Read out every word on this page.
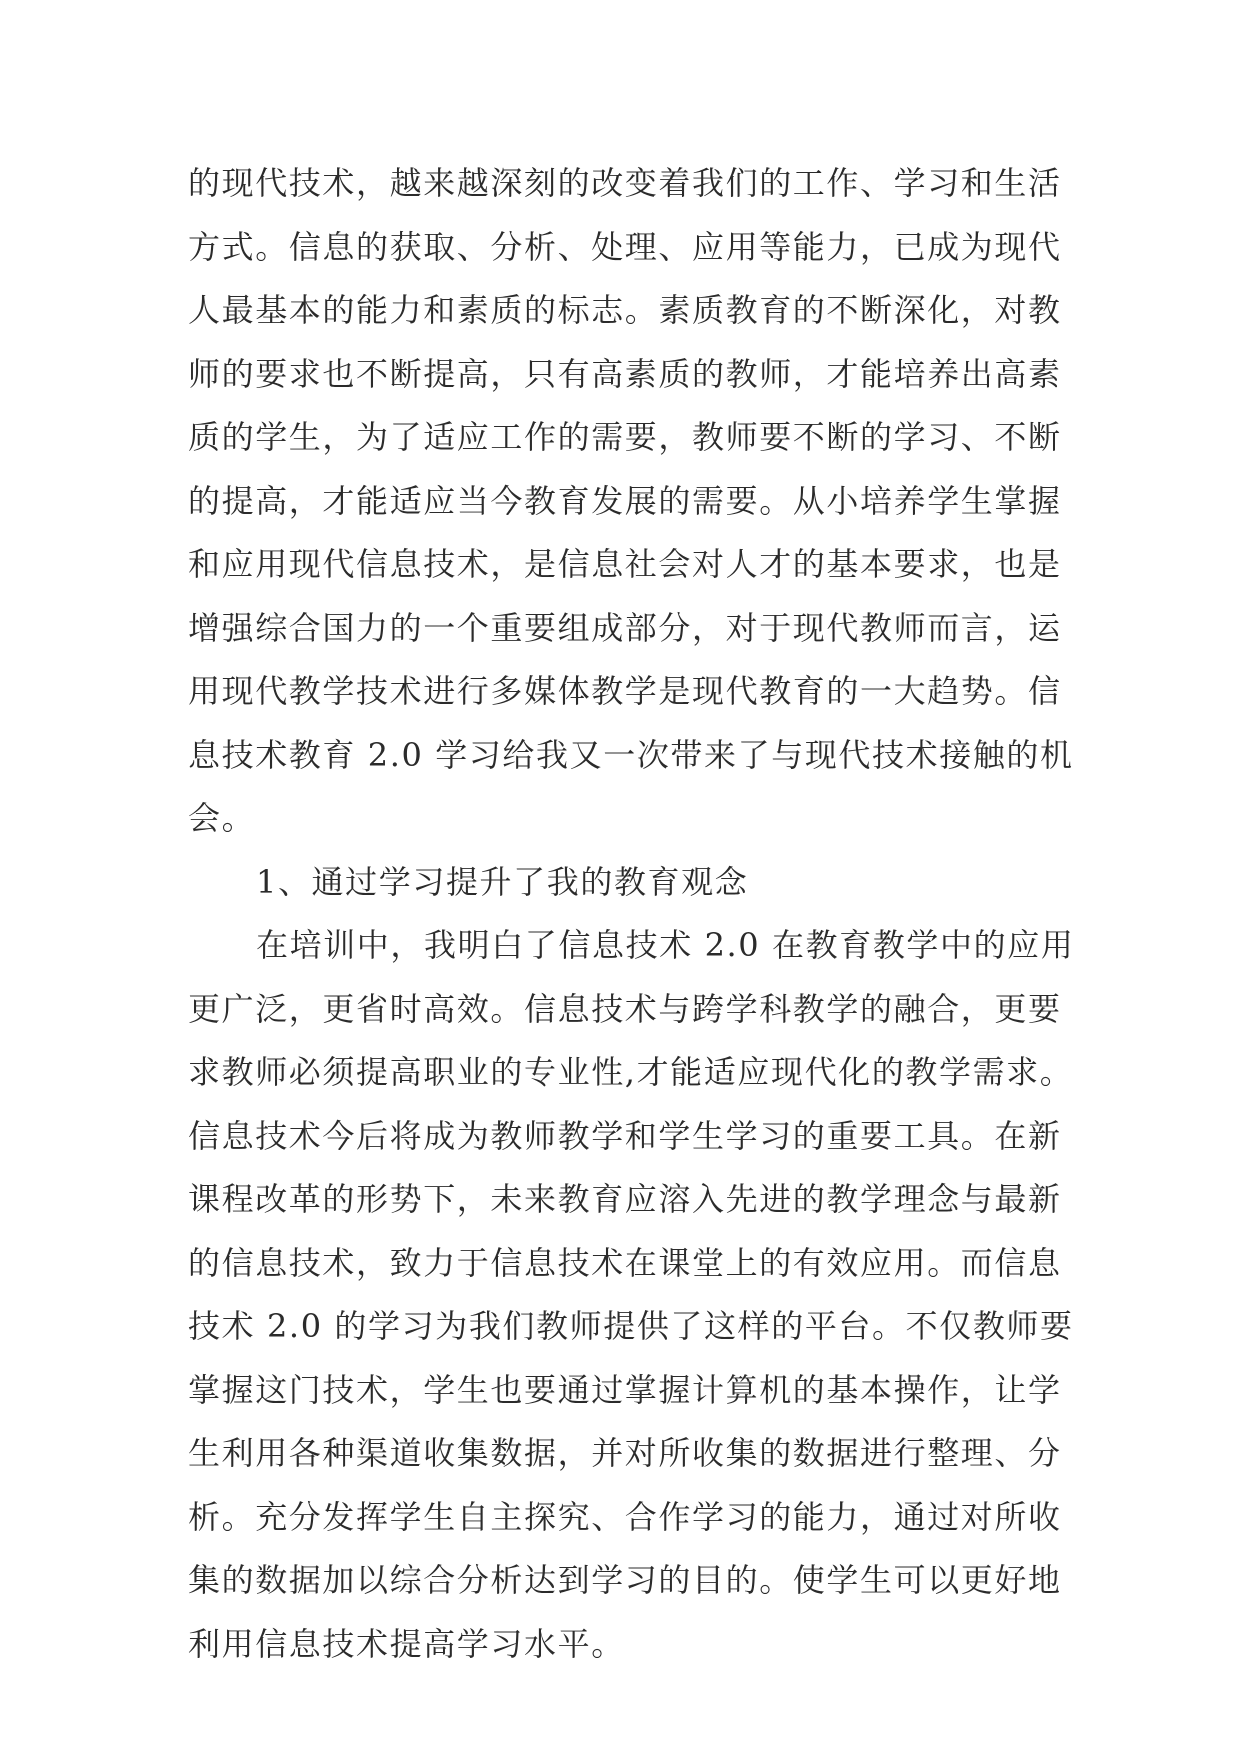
的现代技术，越来越深刻的改变着我们的工作、学习和生活
方式。信息的获取、分析、处理、应用等能力，已成为现代
人最基本的能力和素质的标志。素质教育的不断深化，对教
师的要求也不断提高，只有高素质的教师，才能培养出高素
质的学生，为了适应工作的需要，教师要不断的学习、不断
的提高，才能适应当今教育发展的需要。从小培养学生掌握
和应用现代信息技术，是信息社会对人才的基本要求，也是
增强综合国力的一个重要组成部分，对于现代教师而言，运
用现代教学技术进行多媒体教学是现代教育的一大趋势。信
息技术教育 2.0 学习给我又一次带来了与现代技术接触的机
会。
1、通过学习提升了我的教育观念
在培训中，我明白了信息技术 2.0 在教育教学中的应用
更广泛，更省时高效。信息技术与跨学科教学的融合，更要
求教师必须提高职业的专业性,才能适应现代化的教学需求。
信息技术今后将成为教师教学和学生学习的重要工具。在新
课程改革的形势下，未来教育应溶入先进的教学理念与最新
的信息技术，致力于信息技术在课堂上的有效应用。而信息
技术 2.0 的学习为我们教师提供了这样的平台。不仅教师要
掌握这门技术，学生也要通过掌握计算机的基本操作，让学
生利用各种渠道收集数据，并对所收集的数据进行整理、分
析。充分发挥学生自主探究、合作学习的能力，通过对所收
集的数据加以综合分析达到学习的目的。使学生可以更好地
利用信息技术提高学习水平。
